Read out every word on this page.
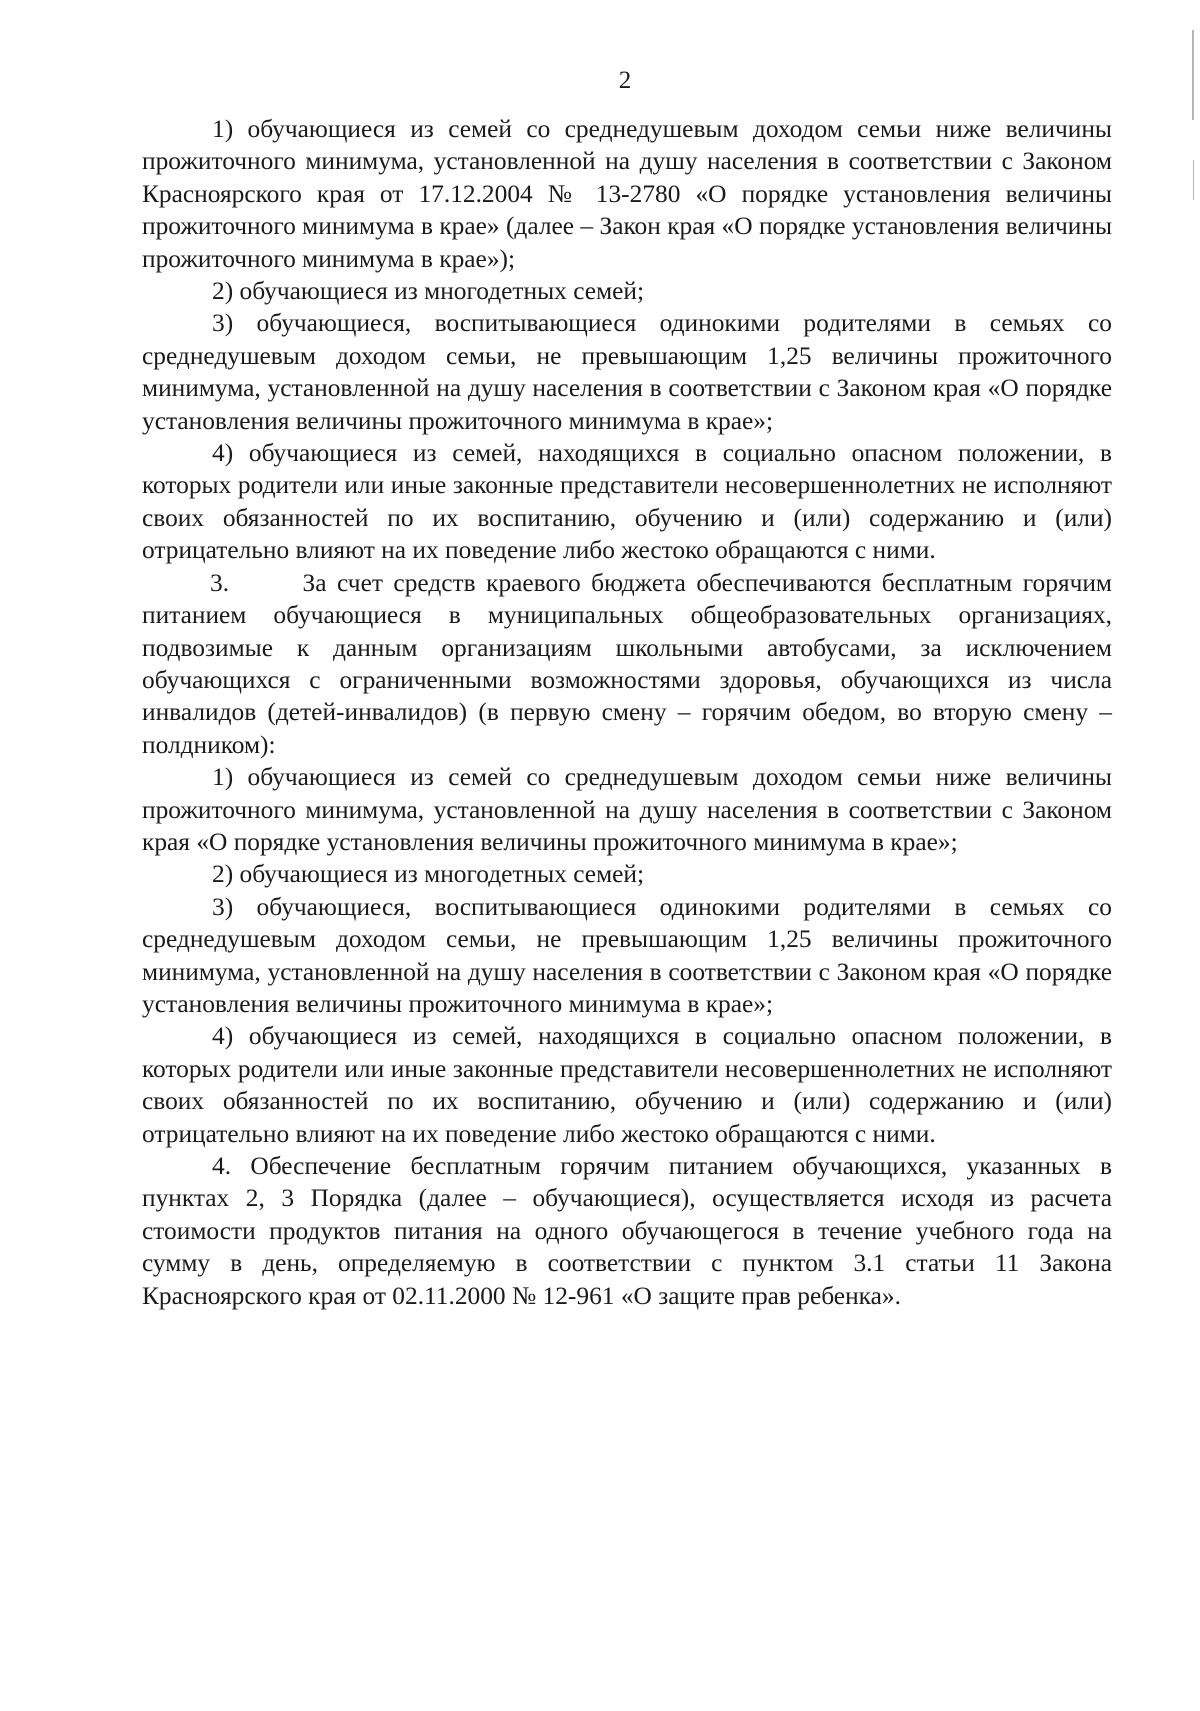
2

1) обучающиеся из семей со среднедушевым доходом семьи ниже величины прожиточного минимума, установленной на душу населения в соответствии с Законом Красноярского края от 17.12.2004 № 13-2780 «О порядке установления величины прожиточного минимума в крае» (далее – Закон края «О порядке установления величины прожиточного минимума в крае»);

2) обучающиеся из многодетных семей;

3) обучающиеся, воспитывающиеся одинокими родителями в семьях со среднедушевым доходом семьи, не превышающим 1,25 величины прожиточного минимума, установленной на душу населения в соответствии с Законом края «О порядке установления величины прожиточного минимума в крае»;

4) обучающиеся из семей, находящихся в социально опасном положении, в которых родители или иные законные представители несовершеннолетних не исполняют своих обязанностей по их воспитанию, обучению и (или) содержанию и (или) отрицательно влияют на их поведение либо жестоко обращаются с ними.

3.       За счет средств краевого бюджета обеспечиваются бесплатным горячим питанием обучающиеся в муниципальных общеобразовательных организациях, подвозимые к данным организациям школьными автобусами, за исключением обучающихся с ограниченными возможностями здоровья, обучающихся из числа инвалидов (детей-инвалидов) (в первую смену – горячим обедом, во вторую смену – полдником):

1) обучающиеся из семей со среднедушевым доходом семьи ниже величины прожиточного минимума, установленной на душу населения в соответствии с Законом края «О порядке установления величины прожиточного минимума в крае»;

2) обучающиеся из многодетных семей;

3) обучающиеся, воспитывающиеся одинокими родителями в семьях со среднедушевым доходом семьи, не превышающим 1,25 величины прожиточного минимума, установленной на душу населения в соответствии с Законом края «О порядке установления величины прожиточного минимума в крае»;

4) обучающиеся из семей, находящихся в социально опасном положении, в которых родители или иные законные представители несовершеннолетних не исполняют своих обязанностей по их воспитанию, обучению и (или) содержанию и (или) отрицательно влияют на их поведение либо жестоко обращаются с ними.

4. Обеспечение бесплатным горячим питанием обучающихся, указанных в пунктах 2, 3 Порядка (далее – обучающиеся), осуществляется исходя из расчета стоимости продуктов питания на одного обучающегося в течение учебного года на сумму в день, определяемую в соответствии с пунктом 3.1 статьи 11 Закона Красноярского края от 02.11.2000 № 12-961 «О защите прав ребенка».
